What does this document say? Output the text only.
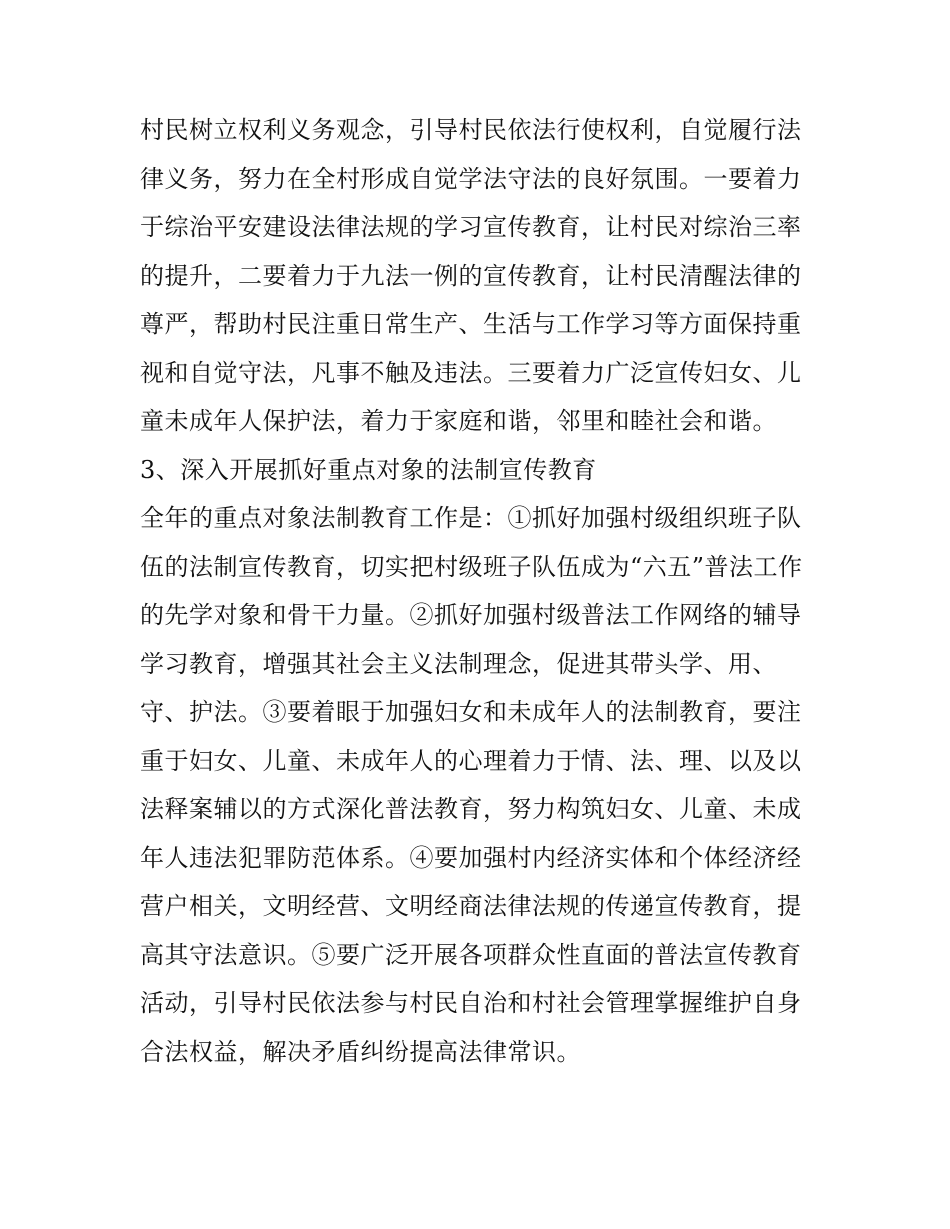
村民树立权利义务观念，引导村民依法行使权利，自觉履行法
律义务，努力在全村形成自觉学法守法的良好氛围。一要着力
于综治平安建设法律法规的学习宣传教育，让村民对综治三率
的提升，二要着力于九法一例的宣传教育，让村民清醒法律的
尊严，帮助村民注重日常生产、生活与工作学习等方面保持重
视和自觉守法，凡事不触及违法。三要着力广泛宣传妇女、儿
童未成年人保护法，着力于家庭和谐，邻里和睦社会和谐。
3、深入开展抓好重点对象的法制宣传教育
全年的重点对象法制教育工作是：①抓好加强村级组织班子队
伍的法制宣传教育，切实把村级班子队伍成为“六五”普法工作
的先学对象和骨干力量。②抓好加强村级普法工作网络的辅导
学习教育，增强其社会主义法制理念，促进其带头学、用、
守、护法。③要着眼于加强妇女和未成年人的法制教育，要注
重于妇女、儿童、未成年人的心理着力于情、法、理、以及以
法释案辅以的方式深化普法教育，努力构筑妇女、儿童、未成
年人违法犯罪防范体系。④要加强村内经济实体和个体经济经
营户相关，文明经营、文明经商法律法规的传递宣传教育，提
高其守法意识。⑤要广泛开展各项群众性直面的普法宣传教育
活动，引导村民依法参与村民自治和村社会管理掌握维护自身
合法权益，解决矛盾纠纷提高法律常识。
